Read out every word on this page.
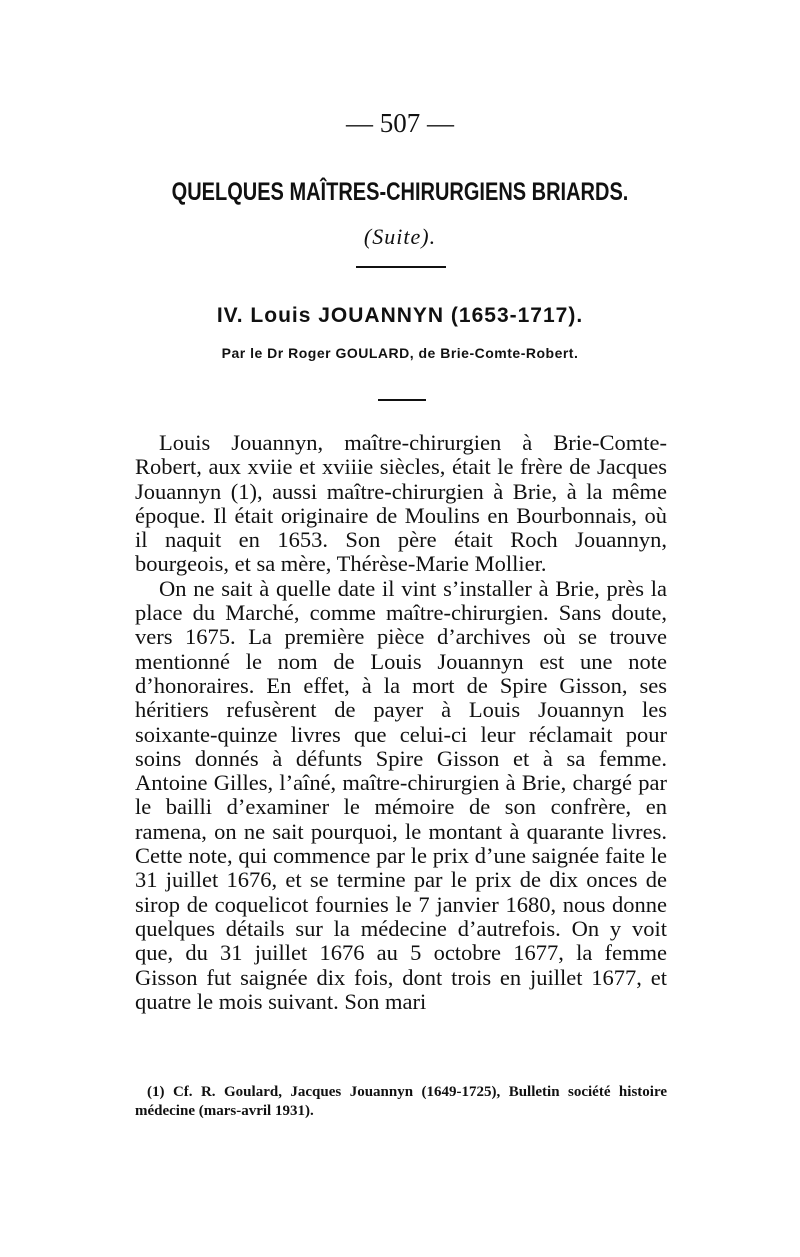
— 507 —
QUELQUES MAÎTRES-CHIRURGIENS BRIARDS.
(Suite).
IV. Louis JOUANNYN (1653-1717).
Par le Dr Roger GOULARD, de Brie-Comte-Robert.

Louis Jouannyn, maître-chirurgien à Brie-Comte-Robert, aux xviie et xviiie siècles, était le frère de Jacques Jouannyn (1), aussi maître-chirurgien à Brie, à la même époque. Il était originaire de Moulins en Bourbonnais, où il naquit en 1653. Son père était Roch Jouannyn, bourgeois, et sa mère, Thérèse-Marie Mollier.

On ne sait à quelle date il vint s’installer à Brie, près la place du Marché, comme maître-chirurgien. Sans doute, vers 1675. La première pièce d’archives où se trouve mentionné le nom de Louis Jouannyn est une note d’honoraires. En effet, à la mort de Spire Gisson, ses héritiers refusèrent de payer à Louis Jouannyn les soixante-quinze livres que celui-ci leur réclamait pour soins donnés à défunts Spire Gisson et à sa femme. Antoine Gilles, l’aîné, maître-chirurgien à Brie, chargé par le bailli d’examiner le mémoire de son confrère, en ramena, on ne sait pourquoi, le montant à quarante livres. Cette note, qui commence par le prix d’une saignée faite le 31 juillet 1676, et se termine par le prix de dix onces de sirop de coquelicot fournies le 7 janvier 1680, nous donne quelques détails sur la médecine d’autrefois. On y voit que, du 31 juillet 1676 au 5 octobre 1677, la femme Gisson fut saignée dix fois, dont trois en juillet 1677, et quatre le mois suivant. Son mari

(1) Cf. R. Goulard, Jacques Jouannyn (1649-1725), Bulletin société histoire médecine (mars-avril 1931).
